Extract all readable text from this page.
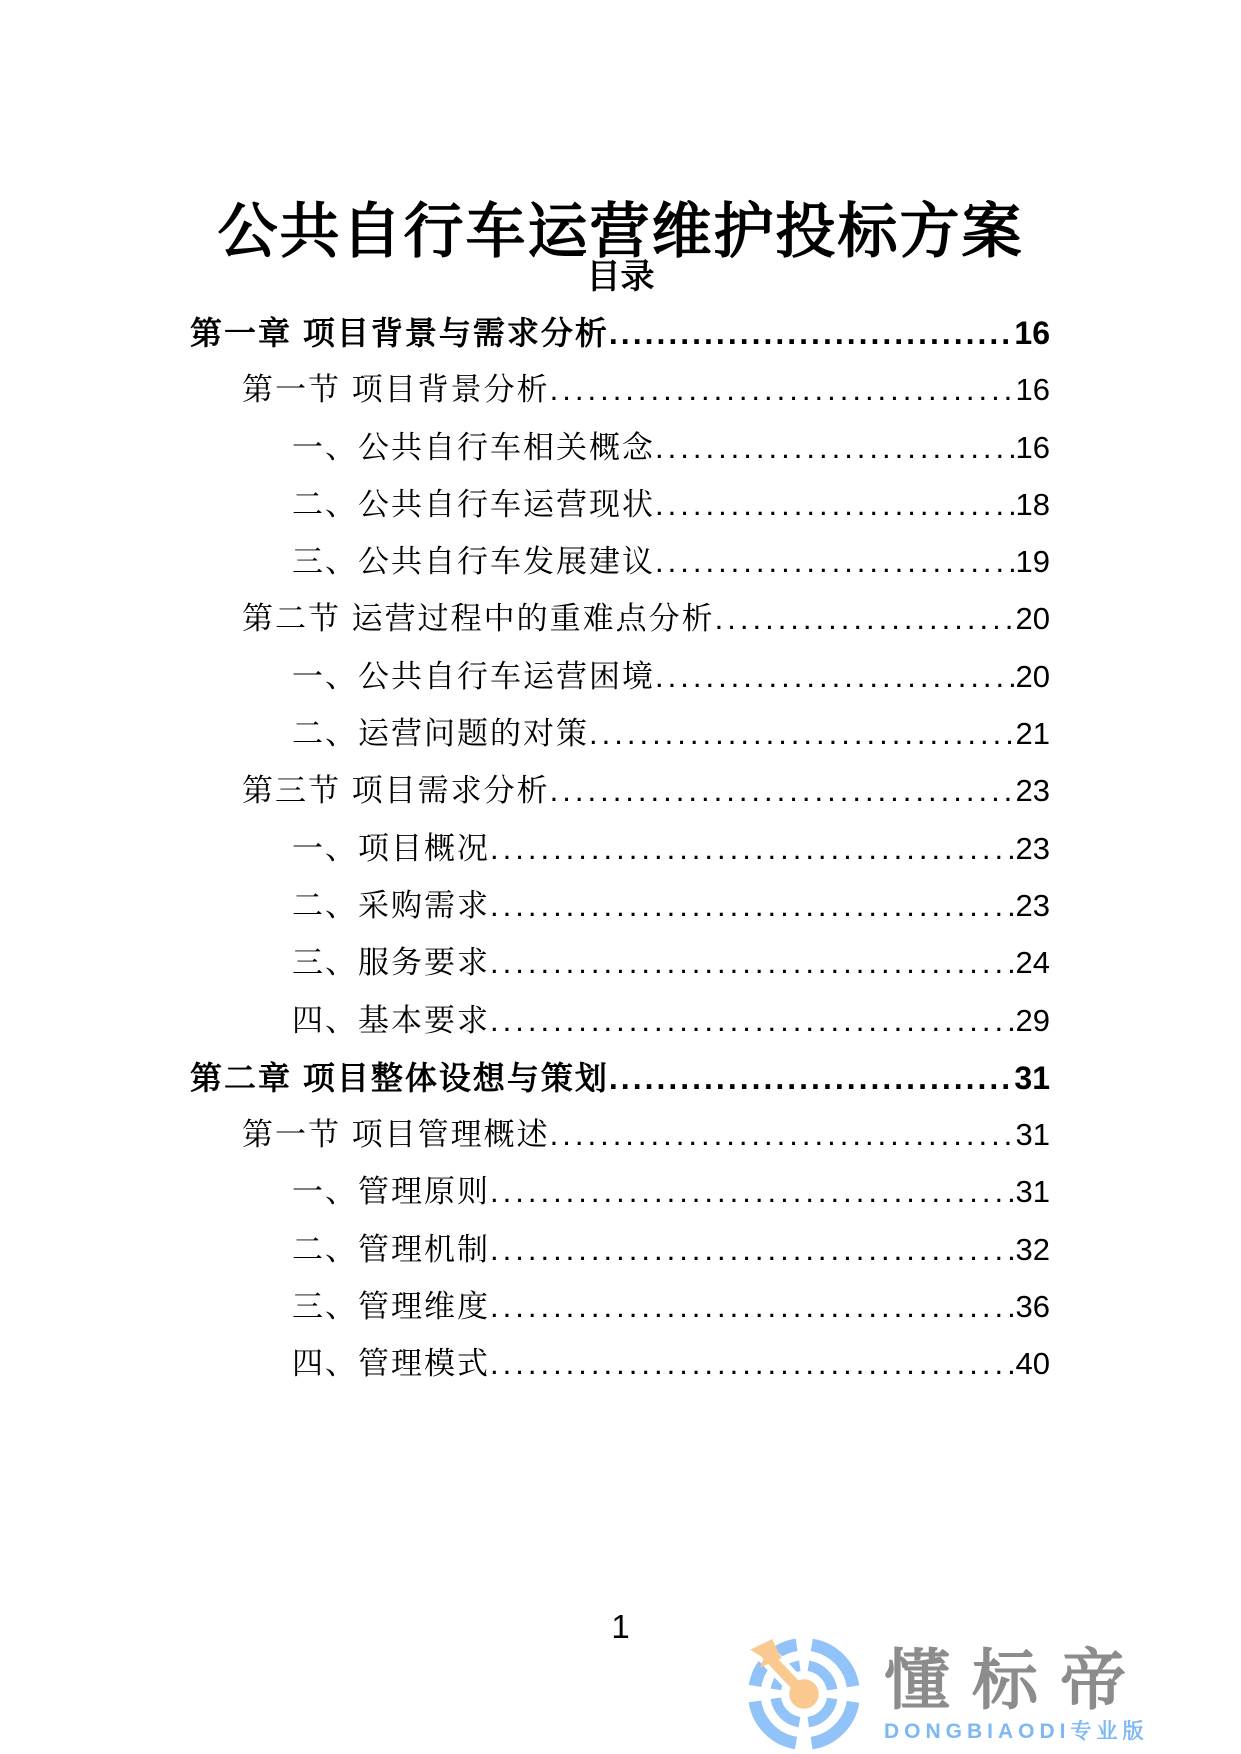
公共自行车运营维护投标方案
目录
第一章 项目背景与需求分析 .....	16
第一节 项目背景分析 .....	16
一、公共自行车相关概念 .....	16
二、公共自行车运营现状 .....	18
三、公共自行车发展建议 .....	19
第二节 运营过程中的重难点分析 .....	20
一、公共自行车运营困境 .....	20
二、运营问题的对策 .....	21
第三节 项目需求分析 .....	23
一、项目概况 .....	23
二、采购需求 .....	23
三、服务要求 .....	24
四、基本要求 .....	29
第二章 项目整体设想与策划 .....	31
第一节 项目管理概述 .....	31
一、管理原则 .....	31
二、管理机制 .....	32
三、管理维度 .....	36
四、管理模式 .....	40
1
懂标帝
DONGBIAODI专业版
